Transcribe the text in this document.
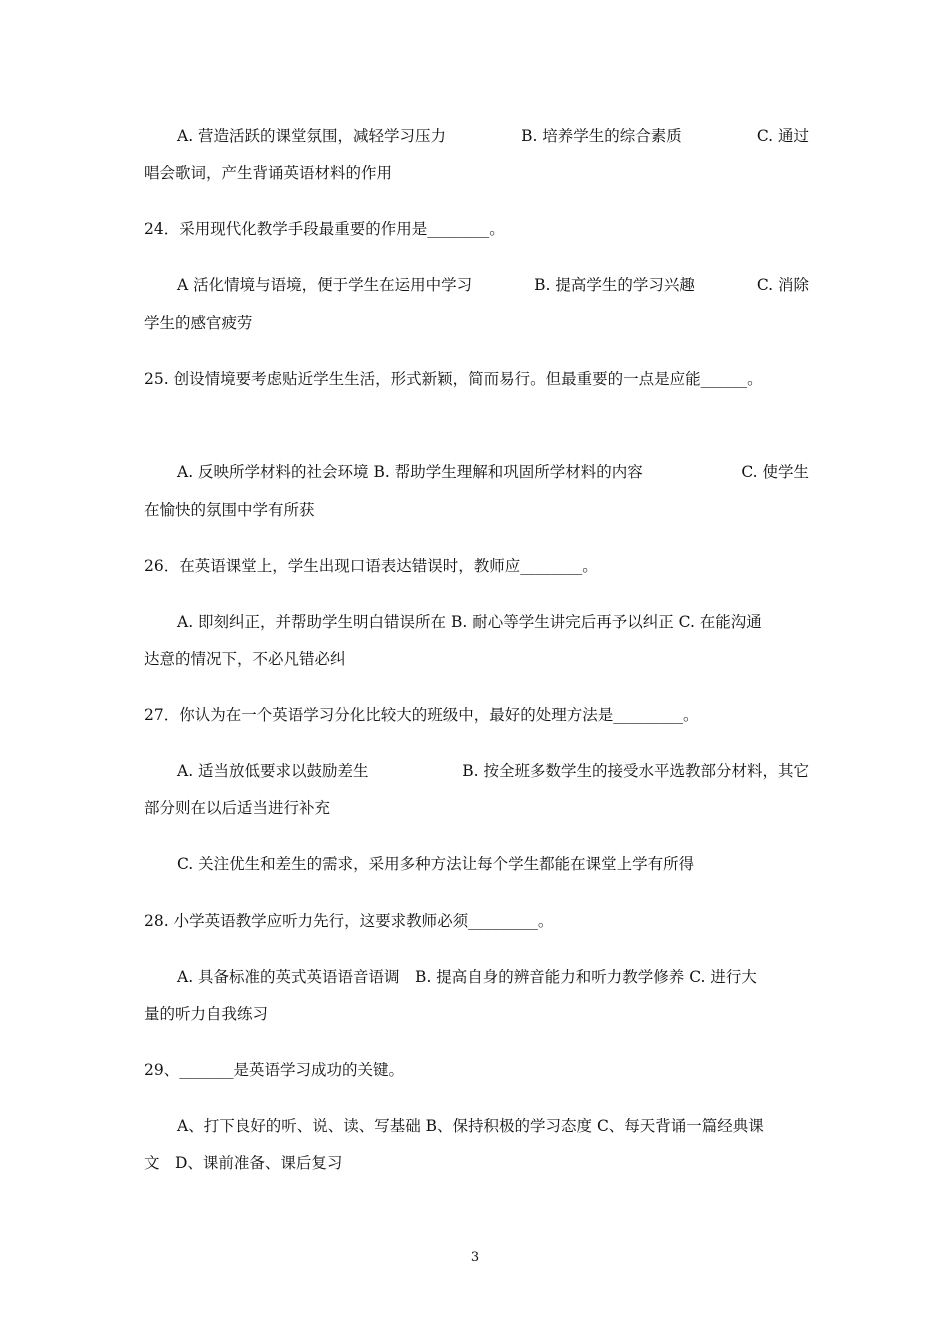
A. 营造活跃的课堂氛围，减轻学习压力	B. 培养学生的综合素质	C. 通过
唱会歌词，产生背诵英语材料的作用
24．采用现代化教学手段最重要的作用是________。
A 活化情境与语境，便于学生在运用中学习	B. 提高学生的学习兴趣	C. 消除
学生的感官疲劳
25. 创设情境要考虑贴近学生生活，形式新颖，简而易行。但最重要的一点是应能______。
A. 反映所学材料的社会环境 B. 帮助学生理解和巩固所学材料的内容	C. 使学生
在愉快的氛围中学有所获
26．在英语课堂上，学生出现口语表达错误时，教师应________。
A. 即刻纠正，并帮助学生明白错误所在 B. 耐心等学生讲完后再予以纠正 C. 在能沟通
达意的情况下，不必凡错必纠
27．你认为在一个英语学习分化比较大的班级中，最好的处理方法是_________。
A. 适当放低要求以鼓励差生	B. 按全班多数学生的接受水平选教部分材料，其它
部分则在以后适当进行补充
C. 关注优生和差生的需求，采用多种方法让每个学生都能在课堂上学有所得
28. 小学英语教学应听力先行，这要求教师必须_________。
A. 具备标准的英式英语语音语调　B. 提高自身的辨音能力和听力教学修养 C. 进行大
量的听力自我练习
29、_______是英语学习成功的关键。
A、打下良好的听、说、读、写基础 B、保持积极的学习态度 C、每天背诵一篇经典课
文　D、课前准备、课后复习
3
